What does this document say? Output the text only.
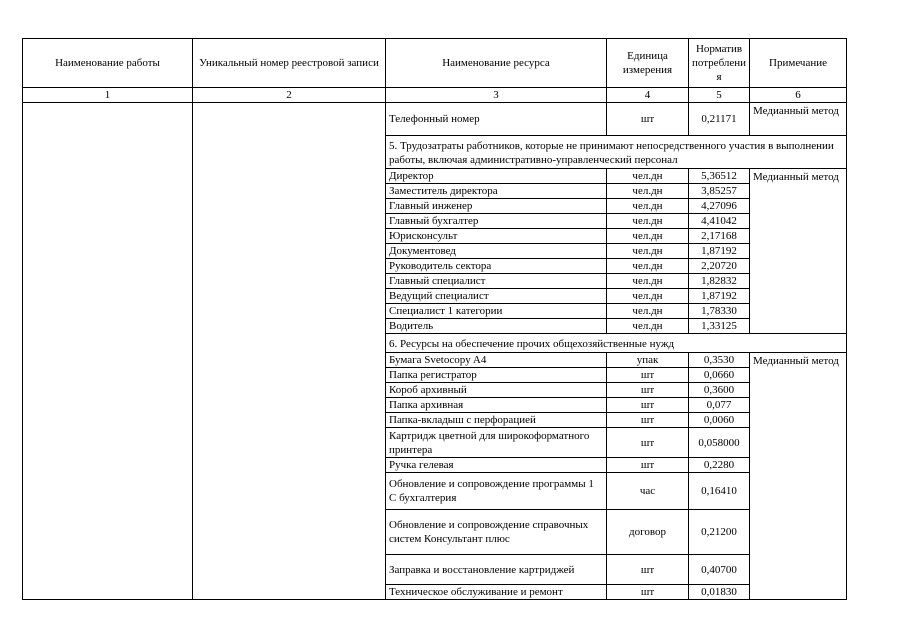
Наименование работы	Уникальный номер реестровой записи	Наименование ресурса	Единица измерения	Норматив потреблени я	Примечание
1	2	3	4	5	6
		Телефонный номер	шт	0,21171	Медианный метод
		5. Трудозатраты работников, которые не принимают непосредственного участия в выполнении работы, включая административно-управленческий персонал			
		Директор	чел.дн	5,36512	Медианный метод
		Заместитель директора	чел.дн	3,85257	
		Главный инженер	чел.дн	4,27096	
		Главный бухгалтер	чел.дн	4,41042	
		Юрисконсульт	чел.дн	2,17168	
		Документовед	чел.дн	1,87192	
		Руководитель сектора	чел.дн	2,20720	
		Главный специалист	чел.дн	1,82832	
		Ведущий специалист	чел.дн	1,87192	
		Специалист 1 категории	чел.дн	1,78330	
		Водитель	чел.дн	1,33125	
		6. Ресурсы на обеспечение прочих общехозяйственные нужд			
		Бумага Svetocopy A4	упак	0,3530	Медианный метод
		Папка регистратор	шт	0,0660	
		Короб архивный	шт	0,3600	
		Папка архивная	шт	0,077	
		Папка-вкладыш с перфорацией	шт	0,0060	
		Картридж цветной для широкоформатного принтера	шт	0,058000	
		Ручка гелевая	шт	0,2280	
		Обновление и сопровождение программы 1 С бухгалтерия	час	0,16410	
		Обновление и сопровождение справочных систем Консультант плюс	договор	0,21200	
		Заправка и восстановление картриджей	шт	0,40700	
		Техническое обслуживание и ремонт	шт	0,01830	
